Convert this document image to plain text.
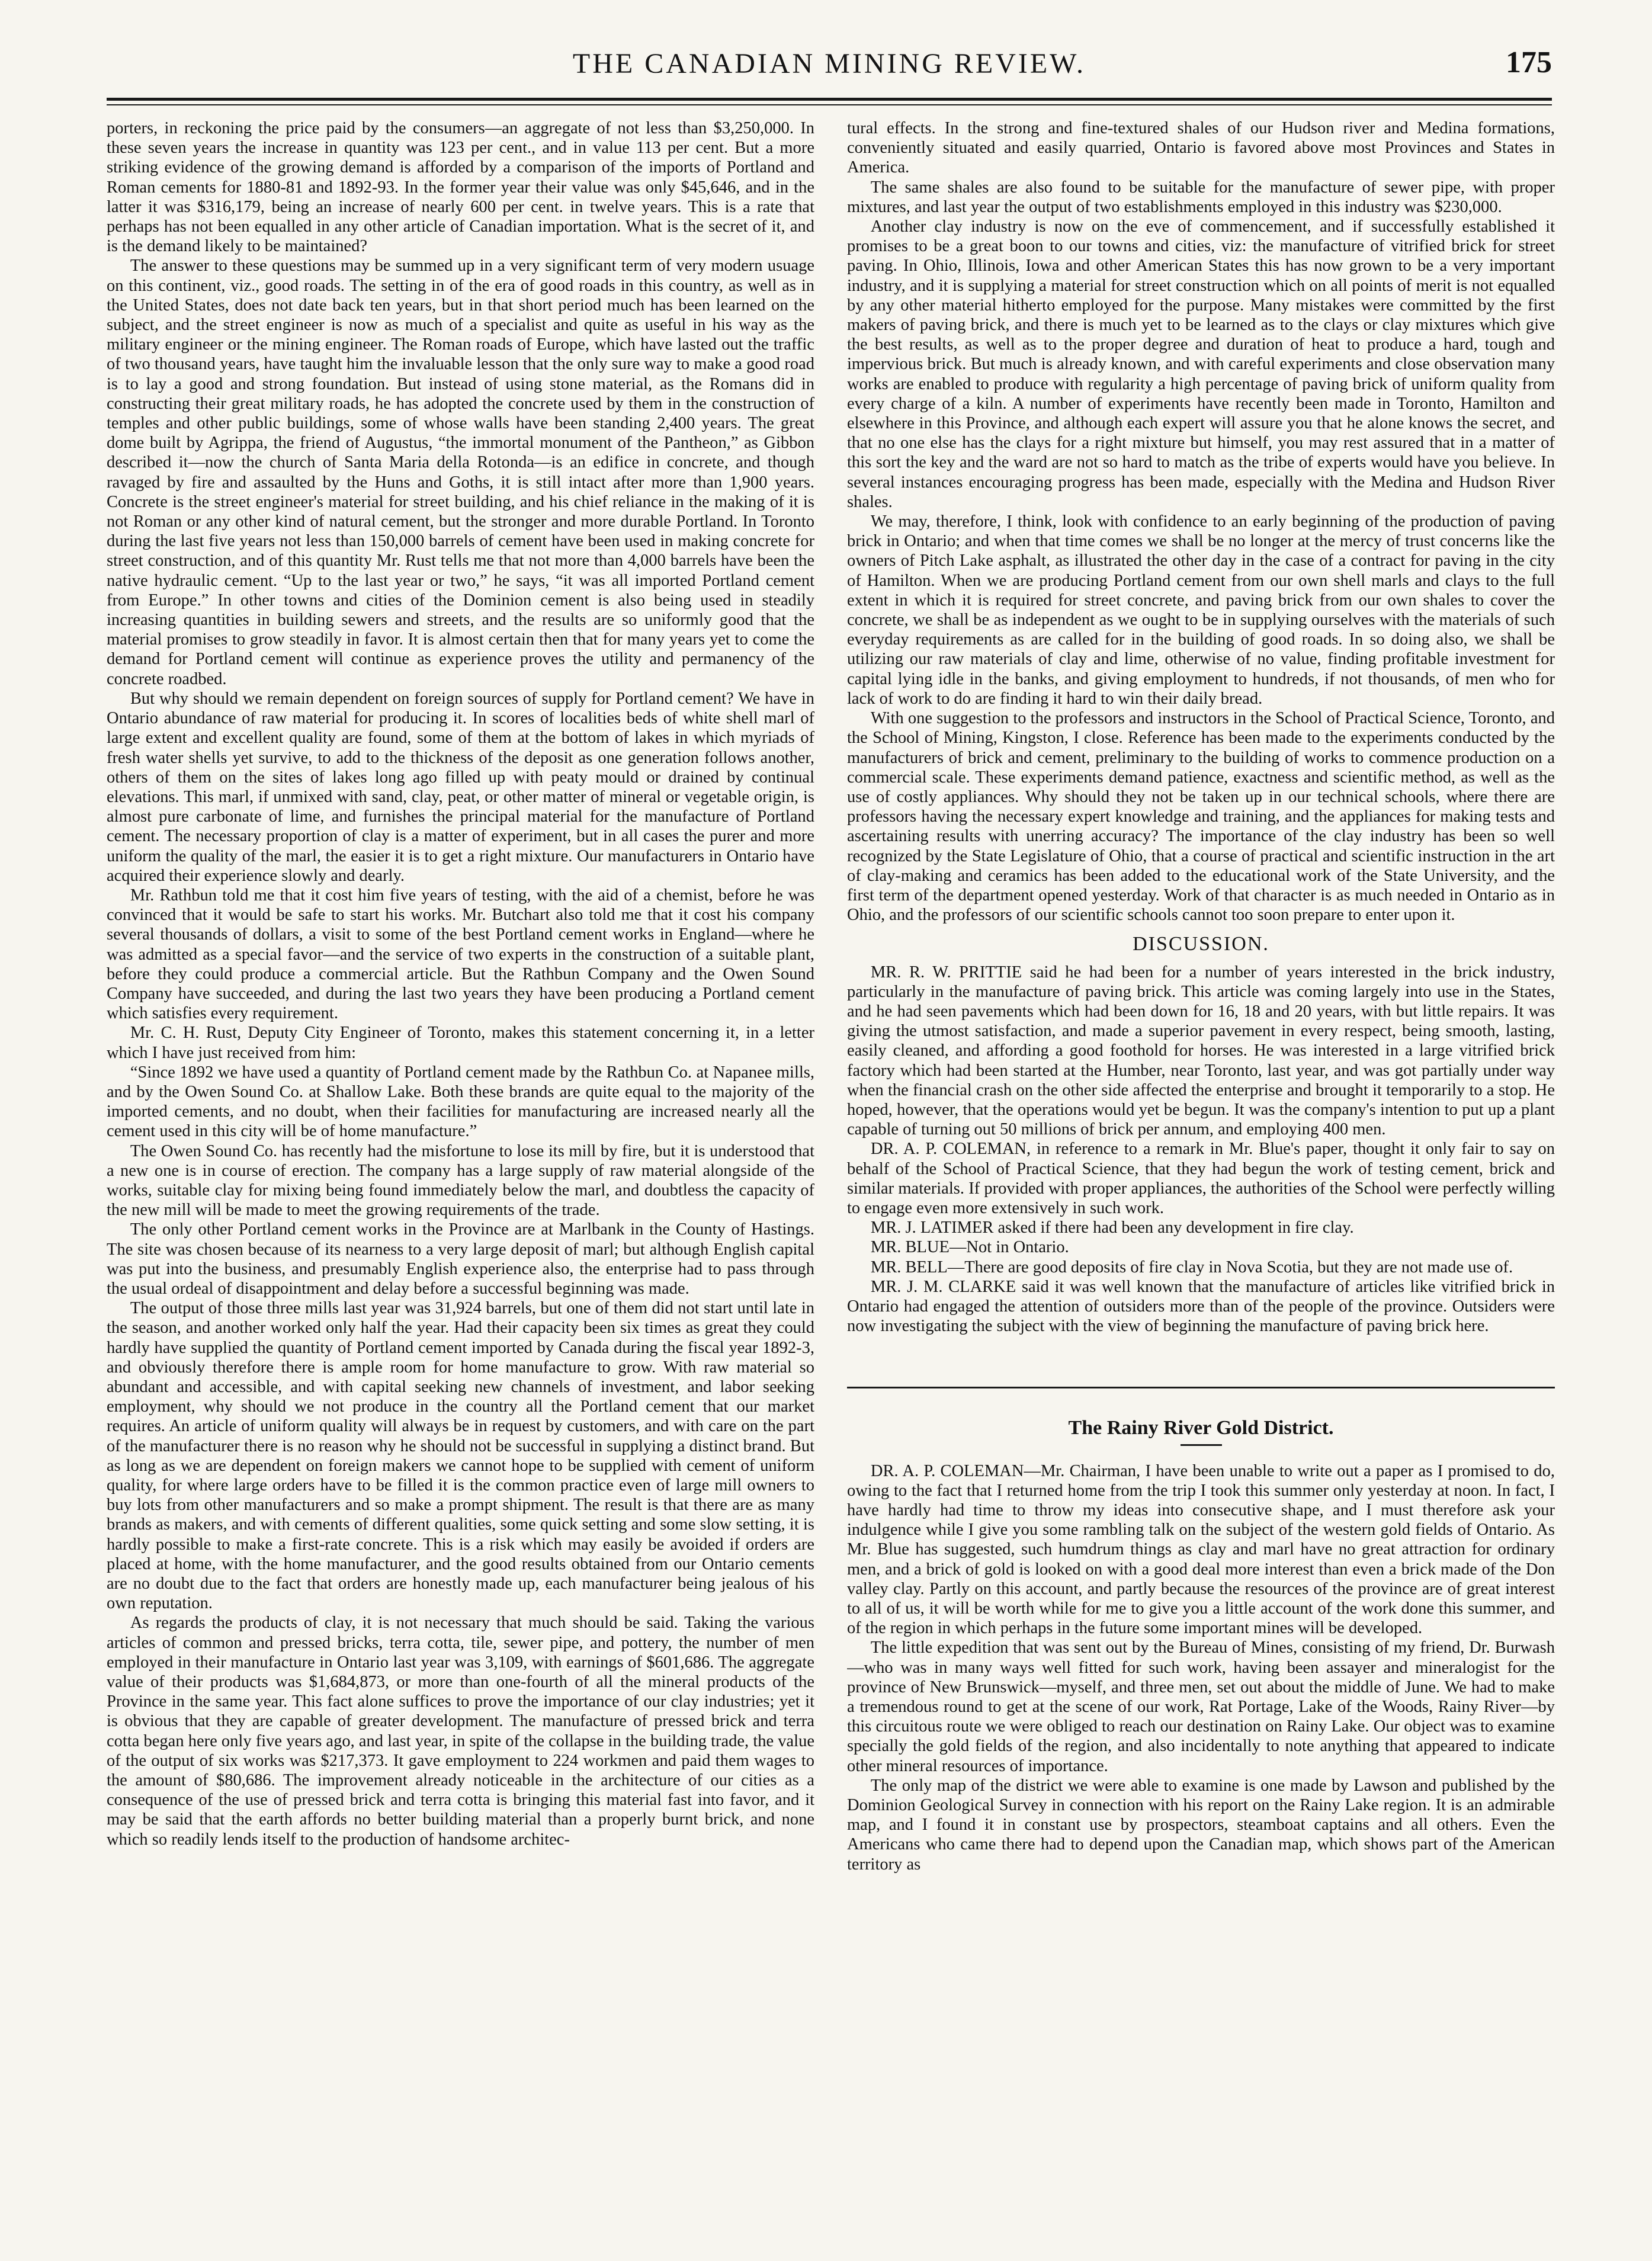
THE CANADIAN MINING REVIEW.	175

porters, in reckoning the price paid by the consumers—an aggregate of not less than $3,250,000. In these seven years the increase in quantity was 123 per cent., and in value 113 per cent. But a more striking evidence of the growing demand is afforded by a comparison of the imports of Portland and Roman cements for 1880-81 and 1892-93. In the former year their value was only $45,646, and in the latter it was $316,179, being an increase of nearly 600 per cent. in twelve years. This is a rate that perhaps has not been equalled in any other article of Canadian importation. What is the secret of it, and is the demand likely to be maintained?

The answer to these questions may be summed up in a very significant term of very modern usuage on this continent, viz., good roads. The setting in of the era of good roads in this country, as well as in the United States, does not date back ten years, but in that short period much has been learned on the subject, and the street engineer is now as much of a specialist and quite as useful in his way as the military engineer or the mining engineer. The Roman roads of Europe, which have lasted out the traffic of two thousand years, have taught him the invaluable lesson that the only sure way to make a good road is to lay a good and strong foundation. But instead of using stone material, as the Romans did in constructing their great military roads, he has adopted the concrete used by them in the construction of temples and other public buildings, some of whose walls have been standing 2,400 years. The great dome built by Agrippa, the friend of Augustus, “the immortal monument of the Pantheon,” as Gibbon described it—now the church of Santa Maria della Rotonda—is an edifice in concrete, and though ravaged by fire and assaulted by the Huns and Goths, it is still intact after more than 1,900 years. Concrete is the street engineer's material for street building, and his chief reliance in the making of it is not Roman or any other kind of natural cement, but the stronger and more durable Portland. In Toronto during the last five years not less than 150,000 barrels of cement have been used in making concrete for street construction, and of this quantity Mr. Rust tells me that not more than 4,000 barrels have been the native hydraulic cement. “Up to the last year or two,” he says, “it was all imported Portland cement from Europe.” In other towns and cities of the Dominion cement is also being used in steadily increasing quantities in building sewers and streets, and the results are so uniformly good that the material promises to grow steadily in favor. It is almost certain then that for many years yet to come the demand for Portland cement will continue as experience proves the utility and permanency of the concrete roadbed.

But why should we remain dependent on foreign sources of supply for Portland cement? We have in Ontario abundance of raw material for producing it. In scores of localities beds of white shell marl of large extent and excellent quality are found, some of them at the bottom of lakes in which myriads of fresh water shells yet survive, to add to the thickness of the deposit as one generation follows another, others of them on the sites of lakes long ago filled up with peaty mould or drained by continual elevations. This marl, if unmixed with sand, clay, peat, or other matter of mineral or vegetable origin, is almost pure carbonate of lime, and furnishes the principal material for the manufacture of Portland cement. The necessary proportion of clay is a matter of experiment, but in all cases the purer and more uniform the quality of the marl, the easier it is to get a right mixture. Our manufacturers in Ontario have acquired their experience slowly and dearly.

Mr. Rathbun told me that it cost him five years of testing, with the aid of a chemist, before he was convinced that it would be safe to start his works. Mr. Butchart also told me that it cost his company several thousands of dollars, a visit to some of the best Portland cement works in England—where he was admitted as a special favor—and the service of two experts in the construction of a suitable plant, before they could produce a commercial article. But the Rathbun Company and the Owen Sound Company have succeeded, and during the last two years they have been producing a Portland cement which satisfies every requirement.

Mr. C. H. Rust, Deputy City Engineer of Toronto, makes this statement concerning it, in a letter which I have just received from him:

“Since 1892 we have used a quantity of Portland cement made by the Rathbun Co. at Napanee mills, and by the Owen Sound Co. at Shallow Lake. Both these brands are quite equal to the majority of the imported cements, and no doubt, when their facilities for manufacturing are increased nearly all the cement used in this city will be of home manufacture.”

The Owen Sound Co. has recently had the misfortune to lose its mill by fire, but it is understood that a new one is in course of erection. The company has a large supply of raw material alongside of the works, suitable clay for mixing being found immediately below the marl, and doubtless the capacity of the new mill will be made to meet the growing requirements of the trade.

The only other Portland cement works in the Province are at Marlbank in the County of Hastings. The site was chosen because of its nearness to a very large deposit of marl; but although English capital was put into the business, and presumably English experience also, the enterprise had to pass through the usual ordeal of disappointment and delay before a successful beginning was made.

The output of those three mills last year was 31,924 barrels, but one of them did not start until late in the season, and another worked only half the year. Had their capacity been six times as great they could hardly have supplied the quantity of Portland cement imported by Canada during the fiscal year 1892-3, and obviously therefore there is ample room for home manufacture to grow. With raw material so abundant and accessible, and with capital seeking new channels of investment, and labor seeking employment, why should we not produce in the country all the Portland cement that our market requires. An article of uniform quality will always be in request by customers, and with care on the part of the manufacturer there is no reason why he should not be successful in supplying a distinct brand. But as long as we are dependent on foreign makers we cannot hope to be supplied with cement of uniform quality, for where large orders have to be filled it is the common practice even of large mill owners to buy lots from other manufacturers and so make a prompt shipment. The result is that there are as many brands as makers, and with cements of different qualities, some quick setting and some slow setting, it is hardly possible to make a first-rate concrete. This is a risk which may easily be avoided if orders are placed at home, with the home manufacturer, and the good results obtained from our Ontario cements are no doubt due to the fact that orders are honestly made up, each manufacturer being jealous of his own reputation.

As regards the products of clay, it is not necessary that much should be said. Taking the various articles of common and pressed bricks, terra cotta, tile, sewer pipe, and pottery, the number of men employed in their manufacture in Ontario last year was 3,109, with earnings of $601,686. The aggregate value of their products was $1,684,873, or more than one-fourth of all the mineral products of the Province in the same year. This fact alone suffices to prove the importance of our clay industries; yet it is obvious that they are capable of greater development. The manufacture of pressed brick and terra cotta began here only five years ago, and last year, in spite of the collapse in the building trade, the value of the output of six works was $217,373. It gave employment to 224 workmen and paid them wages to the amount of $80,686. The improvement already noticeable in the architecture of our cities as a consequence of the use of pressed brick and terra cotta is bringing this material fast into favor, and it may be said that the earth affords no better building material than a properly burnt brick, and none which so readily lends itself to the production of handsome architec-

tural effects. In the strong and fine-textured shales of our Hudson river and Medina formations, conveniently situated and easily quarried, Ontario is favored above most Provinces and States in America.

The same shales are also found to be suitable for the manufacture of sewer pipe, with proper mixtures, and last year the output of two establishments employed in this industry was $230,000.

Another clay industry is now on the eve of commencement, and if successfully established it promises to be a great boon to our towns and cities, viz: the manufacture of vitrified brick for street paving. In Ohio, Illinois, Iowa and other American States this has now grown to be a very important industry, and it is supplying a material for street construction which on all points of merit is not equalled by any other material hitherto employed for the purpose. Many mistakes were committed by the first makers of paving brick, and there is much yet to be learned as to the clays or clay mixtures which give the best results, as well as to the proper degree and duration of heat to produce a hard, tough and impervious brick. But much is already known, and with careful experiments and close observation many works are enabled to produce with regularity a high percentage of paving brick of uniform quality from every charge of a kiln. A number of experiments have recently been made in Toronto, Hamilton and elsewhere in this Province, and although each expert will assure you that he alone knows the secret, and that no one else has the clays for a right mixture but himself, you may rest assured that in a matter of this sort the key and the ward are not so hard to match as the tribe of experts would have you believe. In several instances encouraging progress has been made, especially with the Medina and Hudson River shales.

We may, therefore, I think, look with confidence to an early beginning of the production of paving brick in Ontario; and when that time comes we shall be no longer at the mercy of trust concerns like the owners of Pitch Lake asphalt, as illustrated the other day in the case of a contract for paving in the city of Hamilton. When we are producing Portland cement from our own shell marls and clays to the full extent in which it is required for street concrete, and paving brick from our own shales to cover the concrete, we shall be as independent as we ought to be in supplying ourselves with the materials of such everyday requirements as are called for in the building of good roads. In so doing also, we shall be utilizing our raw materials of clay and lime, otherwise of no value, finding profitable investment for capital lying idle in the banks, and giving employment to hundreds, if not thousands, of men who for lack of work to do are finding it hard to win their daily bread.

With one suggestion to the professors and instructors in the School of Practical Science, Toronto, and the School of Mining, Kingston, I close. Reference has been made to the experiments conducted by the manufacturers of brick and cement, preliminary to the building of works to commence production on a commercial scale. These experiments demand patience, exactness and scientific method, as well as the use of costly appliances. Why should they not be taken up in our technical schools, where there are professors having the necessary expert knowledge and training, and the appliances for making tests and ascertaining results with unerring accuracy? The importance of the clay industry has been so well recognized by the State Legislature of Ohio, that a course of practical and scientific instruction in the art of clay-making and ceramics has been added to the educational work of the State University, and the first term of the department opened yesterday. Work of that character is as much needed in Ontario as in Ohio, and the professors of our scientific schools cannot too soon prepare to enter upon it.

DISCUSSION.

MR. R. W. PRITTIE said he had been for a number of years interested in the brick industry, particularly in the manufacture of paving brick. This article was coming largely into use in the States, and he had seen pavements which had been down for 16, 18 and 20 years, with but little repairs. It was giving the utmost satisfaction, and made a superior pavement in every respect, being smooth, lasting, easily cleaned, and affording a good foothold for horses. He was interested in a large vitrified brick factory which had been started at the Humber, near Toronto, last year, and was got partially under way when the financial crash on the other side affected the enterprise and brought it temporarily to a stop. He hoped, however, that the operations would yet be begun. It was the company's intention to put up a plant capable of turning out 50 millions of brick per annum, and employing 400 men.

DR. A. P. COLEMAN, in reference to a remark in Mr. Blue's paper, thought it only fair to say on behalf of the School of Practical Science, that they had begun the work of testing cement, brick and similar materials. If provided with proper appliances, the authorities of the School were perfectly willing to engage even more extensively in such work.

MR. J. LATIMER asked if there had been any development in fire clay.

MR. BLUE—Not in Ontario.

MR. BELL—There are good deposits of fire clay in Nova Scotia, but they are not made use of.

MR. J. M. CLARKE said it was well known that the manufacture of articles like vitrified brick in Ontario had engaged the attention of outsiders more than of the people of the province. Outsiders were now investigating the subject with the view of beginning the manufacture of paving brick here.

The Rainy River Gold District.

DR. A. P. COLEMAN—Mr. Chairman, I have been unable to write out a paper as I promised to do, owing to the fact that I returned home from the trip I took this summer only yesterday at noon. In fact, I have hardly had time to throw my ideas into consecutive shape, and I must therefore ask your indulgence while I give you some rambling talk on the subject of the western gold fields of Ontario. As Mr. Blue has suggested, such humdrum things as clay and marl have no great attraction for ordinary men, and a brick of gold is looked on with a good deal more interest than even a brick made of the Don valley clay. Partly on this account, and partly because the resources of the province are of great interest to all of us, it will be worth while for me to give you a little account of the work done this summer, and of the region in which perhaps in the future some important mines will be developed.

The little expedition that was sent out by the Bureau of Mines, consisting of my friend, Dr. Burwash—who was in many ways well fitted for such work, having been assayer and mineralogist for the province of New Brunswick—myself, and three men, set out about the middle of June. We had to make a tremendous round to get at the scene of our work, Rat Portage, Lake of the Woods, Rainy River—by this circuitous route we were obliged to reach our destination on Rainy Lake. Our object was to examine specially the gold fields of the region, and also incidentally to note anything that appeared to indicate other mineral resources of importance.

The only map of the district we were able to examine is one made by Lawson and published by the Dominion Geological Survey in connection with his report on the Rainy Lake region. It is an admirable map, and I found it in constant use by prospectors, steamboat captains and all others. Even the Americans who came there had to depend upon the Canadian map, which shows part of the American territory as
